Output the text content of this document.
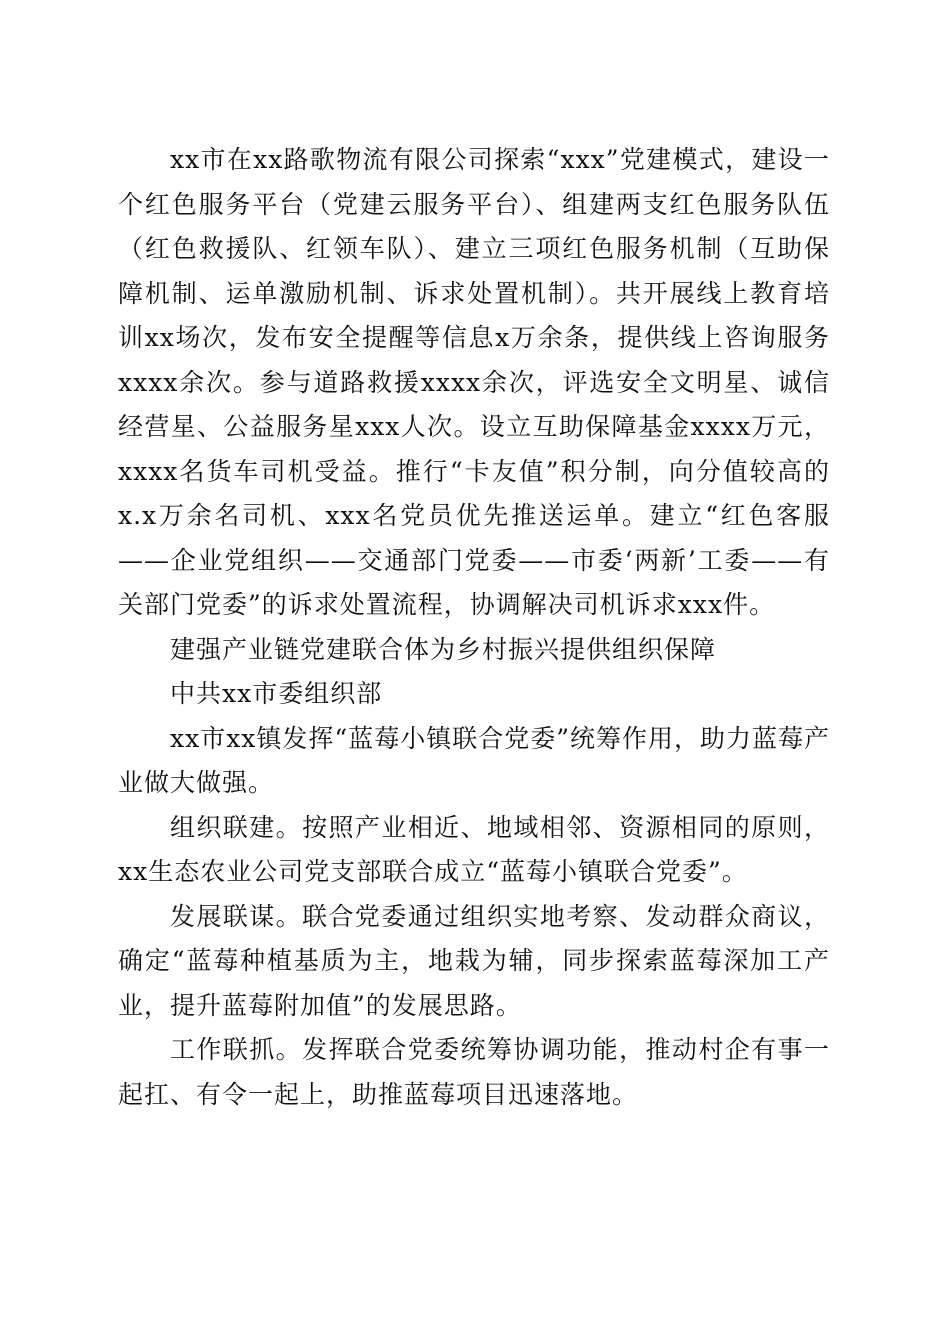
xx市在xx路歌物流有限公司探索“xxx”党建模式，建设一个红色服务平台（党建云服务平台）、组建两支红色服务队伍（红色救援队、红领车队）、建立三项红色服务机制（互助保障机制、运单激励机制、诉求处置机制）。共开展线上教育培训xx场次，发布安全提醒等信息x万余条，提供线上咨询服务xxxx余次。参与道路救援xxxx余次，评选安全文明星、诚信经营星、公益服务星xxx人次。设立互助保障基金xxxx万元，xxxx名货车司机受益。推行“卡友值”积分制，向分值较高的x.x万余名司机、xxx名党员优先推送运单。建立“红色客服——企业党组织——交通部门党委——市委‘两新’工委——有关部门党委”的诉求处置流程，协调解决司机诉求xxx件。

建强产业链党建联合体为乡村振兴提供组织保障

中共xx市委组织部

xx市xx镇发挥“蓝莓小镇联合党委”统筹作用，助力蓝莓产业做大做强。

组织联建。按照产业相近、地域相邻、资源相同的原则，xx生态农业公司党支部联合成立“蓝莓小镇联合党委”。

发展联谋。联合党委通过组织实地考察、发动群众商议，确定“蓝莓种植基质为主，地栽为辅，同步探索蓝莓深加工产业，提升蓝莓附加值”的发展思路。

工作联抓。发挥联合党委统筹协调功能，推动村企有事一起扛、有令一起上，助推蓝莓项目迅速落地。
